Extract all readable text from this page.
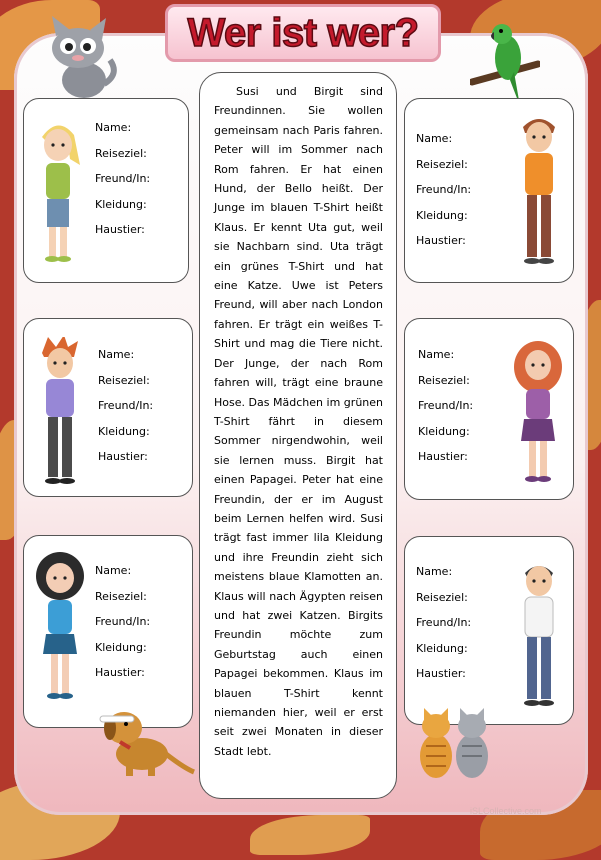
Wer ist wer?
Name:
Reiseziel:
Freund/In:
Kleidung:
Haustier:
Name:
Reiseziel:
Freund/In:
Kleidung:
Haustier:
Name:
Reiseziel:
Freund/In:
Kleidung:
Haustier:
Name:
Reiseziel:
Freund/In:
Kleidung:
Haustier:
Name:
Reiseziel:
Freund/In:
Kleidung:
Haustier:
Name:
Reiseziel:
Freund/In:
Kleidung:
Haustier:
Susi und Birgit sind Freundinnen. Sie wollen gemeinsam nach Paris fahren. Peter will im Sommer nach Rom fahren. Er hat einen Hund, der Bello heißt. Der Junge im blauen T-Shirt heißt Klaus. Er kennt Uta gut, weil sie Nachbarn sind. Uta trägt ein grünes T-Shirt und hat eine Katze. Uwe ist Peters Freund, will aber nach London fahren. Er trägt ein weißes T-Shirt und mag die Tiere nicht. Der Junge, der nach Rom fahren will, trägt eine braune Hose. Das Mädchen im grünen T-Shirt fährt in diesem Sommer nirgendwohin, weil sie lernen muss. Birgit hat einen Papagei. Peter hat eine Freundin, der er im August beim Lernen helfen wird. Susi trägt fast immer lila Kleidung und ihre Freundin zieht sich meistens blaue Klamotten an. Klaus will nach Ägypten reisen und hat zwei Katzen. Birgits Freundin möchte zum Geburtstag auch einen Papagei bekommen. Klaus im blauen T-Shirt kennt niemanden hier, weil er erst seit zwei Monaten in dieser Stadt lebt.
iSLCollective.com
